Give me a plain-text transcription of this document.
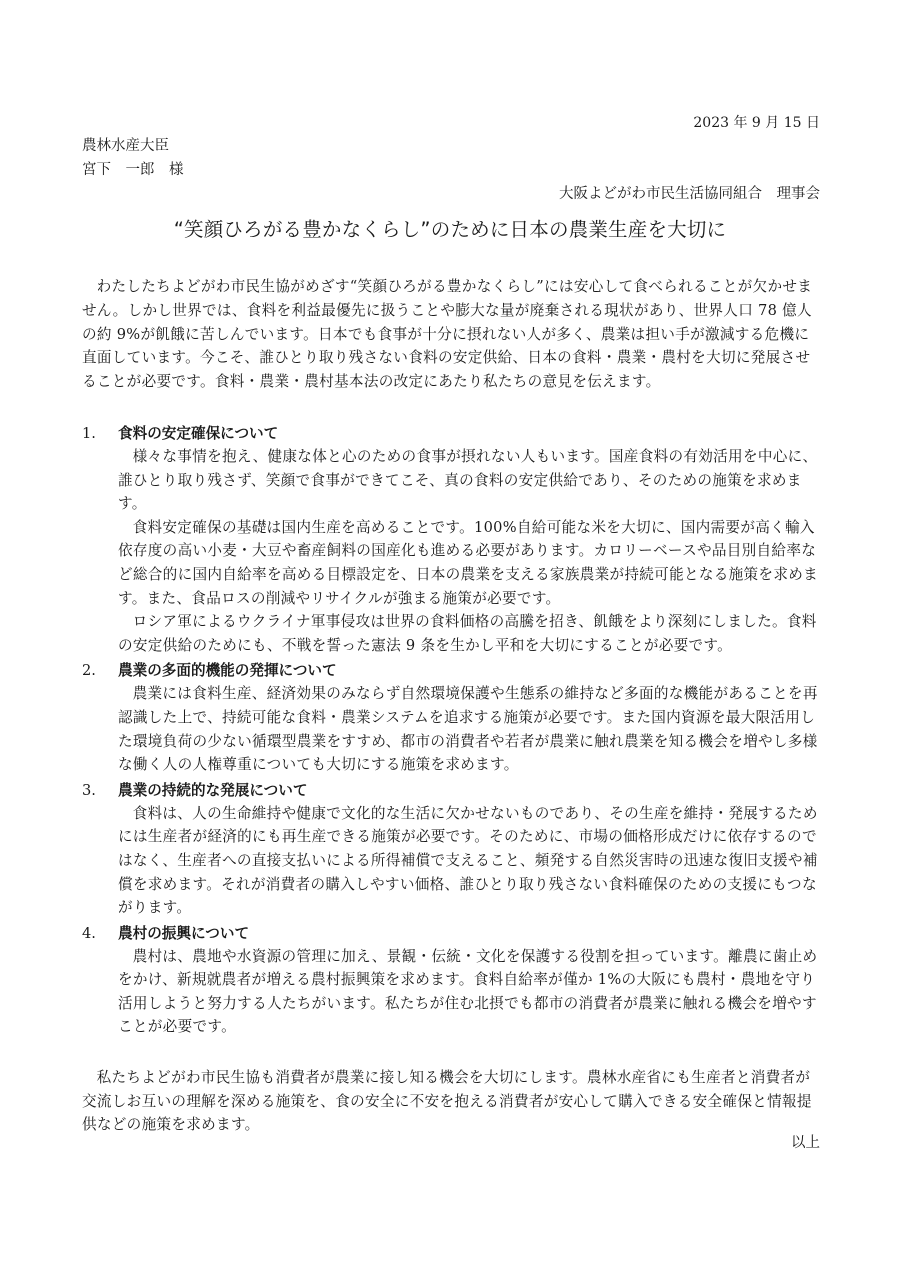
2023 年 9 月 15 日
農林水産大臣
宮下　一郎　様
大阪よどがわ市民生活協同組合　理事会
“笑顔ひろがる豊かなくらし”のために日本の農業生産を大切に

わたしたちよどがわ市民生協がめざす“笑顔ひろがる豊かなくらし”には安心して食べられることが欠かせません。しかし世界では、食料を利益最優先に扱うことや膨大な量が廃棄される現状があり、世界人口 78 億人の約 9%が飢餓に苦しんでいます。日本でも食事が十分に摂れない人が多く、農業は担い手が激減する危機に直面しています。今こそ、誰ひとり取り残さない食料の安定供給、日本の食料・農業・農村を大切に発展させることが必要です。食料・農業・農村基本法の改定にあたり私たちの意見を伝えます。

1.	食料の安定確保について

様々な事情を抱え、健康な体と心のための食事が摂れない人もいます。国産食料の有効活用を中心に、誰ひとり取り残さず、笑顔で食事ができてこそ、真の食料の安定供給であり、そのための施策を求めます。

食料安定確保の基礎は国内生産を高めることです。100%自給可能な米を大切に、国内需要が高く輸入依存度の高い小麦・大豆や畜産飼料の国産化も進める必要があります。カロリーベースや品目別自給率など総合的に国内自給率を高める目標設定を、日本の農業を支える家族農業が持続可能となる施策を求めます。また、食品ロスの削減やリサイクルが強まる施策が必要です。

ロシア軍によるウクライナ軍事侵攻は世界の食料価格の高騰を招き、飢餓をより深刻にしました。食料の安定供給のためにも、不戦を誓った憲法 9 条を生かし平和を大切にすることが必要です。

2.	農業の多面的機能の発揮について

農業には食料生産、経済効果のみならず自然環境保護や生態系の維持など多面的な機能があることを再認識した上で、持続可能な食料・農業システムを追求する施策が必要です。また国内資源を最大限活用した環境負荷の少ない循環型農業をすすめ、都市の消費者や若者が農業に触れ農業を知る機会を増やし多様な働く人の人権尊重についても大切にする施策を求めます。

3.	農業の持続的な発展について

食料は、人の生命維持や健康で文化的な生活に欠かせないものであり、その生産を維持・発展するためには生産者が経済的にも再生産できる施策が必要です。そのために、市場の価格形成だけに依存するのではなく、生産者への直接支払いによる所得補償で支えること、頻発する自然災害時の迅速な復旧支援や補償を求めます。それが消費者の購入しやすい価格、誰ひとり取り残さない食料確保のための支援にもつながります。

4.	農村の振興について

農村は、農地や水資源の管理に加え、景観・伝統・文化を保護する役割を担っています。離農に歯止めをかけ、新規就農者が増える農村振興策を求めます。食料自給率が僅か 1%の大阪にも農村・農地を守り活用しようと努力する人たちがいます。私たちが住む北摂でも都市の消費者が農業に触れる機会を増やすことが必要です。

私たちよどがわ市民生協も消費者が農業に接し知る機会を大切にします。農林水産省にも生産者と消費者が交流しお互いの理解を深める施策を、食の安全に不安を抱える消費者が安心して購入できる安全確保と情報提供などの施策を求めます。

以上
